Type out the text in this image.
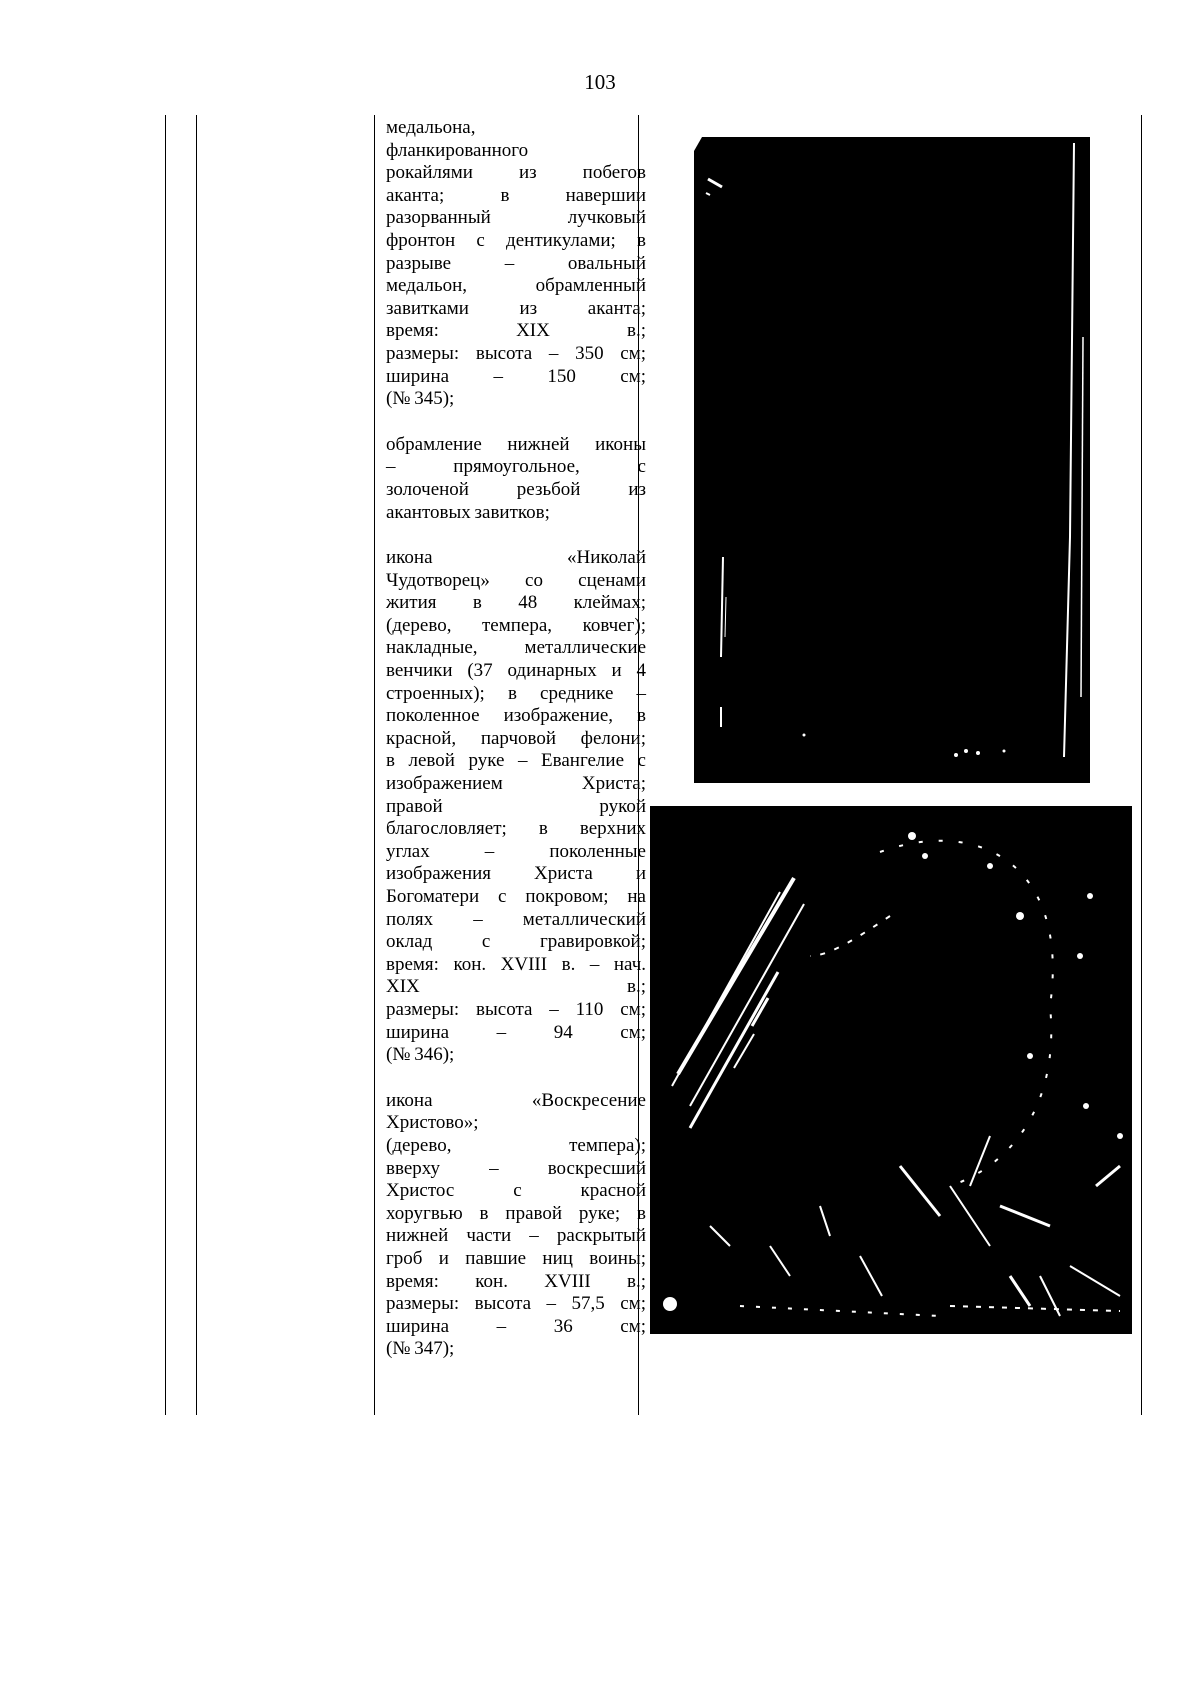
103
медальона,
фланкированного
рокайлями из побегов
аканта; в навершии
разорванный лучковый
фронтон с дентикулами; в
разрыве – овальный
медальон, обрамленный
завитками из аканта;
время: XIX в.;
размеры: высота – 350 см;
ширина – 150 см;
(№ 345);
обрамление нижней иконы
– прямоугольное, с
золоченой резьбой из
акантовых завитков;
икона «Николай
Чудотворец» со сценами
жития в 48 клеймах;
(дерево, темпера, ковчег);
накладные, металлические
венчики (37 одинарных и 4
строенных); в среднике –
поколенное изображение, в
красной, парчовой фелони;
в левой руке – Евангелие с
изображением Христа;
правой рукой
благословляет; в верхних
углах – поколенные
изображения Христа и
Богоматери с покровом; на
полях – металлический
оклад с гравировкой;
время: кон. XVIII в. – нач.
XIX в.;
размеры: высота – 110 см;
ширина – 94 см;
(№ 346);
икона «Воскресение
Христово»;
(дерево, темпера);
вверху – воскресший
Христос с красной
хоругвью в правой руке; в
нижней части – раскрытый
гроб и павшие ниц воины;
время: кон. XVIII в.;
размеры: высота – 57,5 см;
ширина – 36 см;
(№ 347);
